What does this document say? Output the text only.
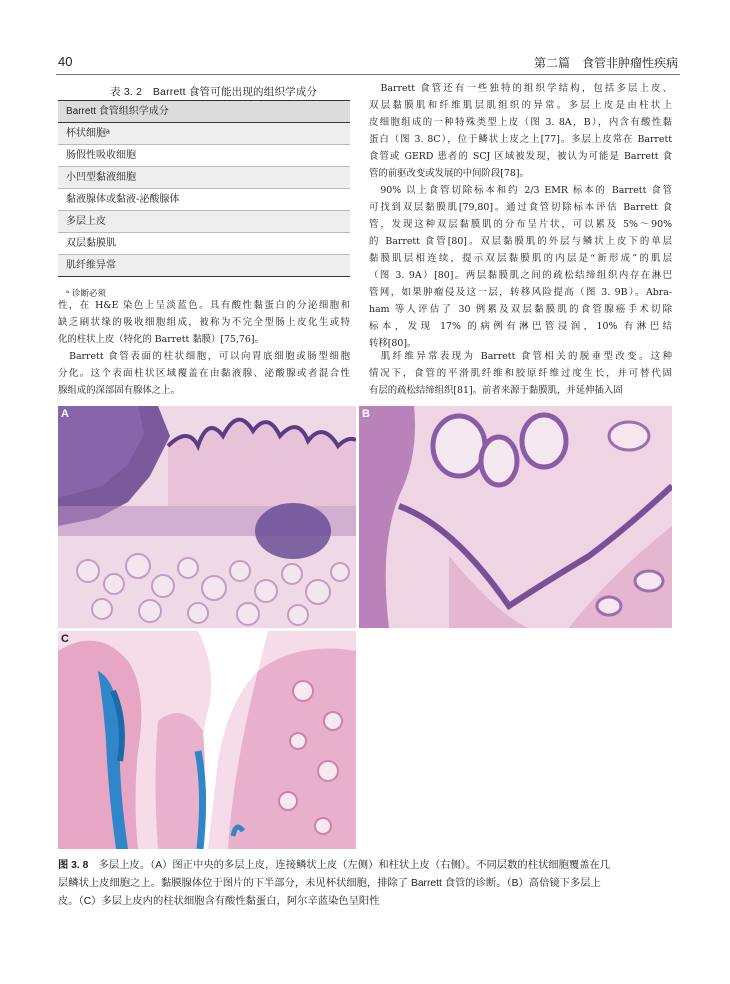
40	第二篇　食管非肿瘤性疾病
表 3. 2　Barrett 食管可能出现的组织学成分
Barrett 食管组织学成分
杯状细胞ᵃ
肠假性吸收细胞
小凹型黏液细胞
黏液腺体或黏液-泌酸腺体
多层上皮
双层黏膜肌
肌纤维异常
ᵃ 诊断必须
性，在 H&E 染色上呈淡蓝色。具有酸性黏蛋白的分泌细胞和
缺乏刷状缘的吸收细胞组成，被称为不完全型肠上皮化生或特
化的柱状上皮（特化的 Barrett 黏膜）[75,76]。
　Barrett 食管表面的柱状细胞，可以向胃底细胞或肠型细胞
分化。这个表面柱状区域覆盖在由黏液腺、泌酸腺或者混合性
腺组成的深部固有腺体之上。
　Barrett 食管还有一些独特的组织学结构，包括多层上皮、
双层黏膜肌和纤维肌层肌组织的异常。多层上皮是由柱状上
皮细胞组成的一种特殊类型上皮（图 3. 8A，B），内含有酸性黏
蛋白（图 3. 8C），位于鳞状上皮之上[77]。多层上皮常在 Barrett
食管或 GERD 患者的 SCJ 区域被发现，被认为可能是 Barrett 食
管的前驱改变或发展的中间阶段[78]。
　90% 以上食管切除标本和约 2/3 EMR 标本的 Barrett 食管
可找到双层黏膜肌[79,80]。通过食管切除标本评估 Barrett 食
管，发现这种双层黏膜肌的分布呈片状，可以累及 5%～90%
的 Barrett 食管[80]。双层黏膜肌的外层与鳞状上皮下的单层
黏膜肌层相连续，提示双层黏膜肌的内层是“新形成”的肌层
（图 3. 9A）[80]。两层黏膜肌之间的疏松结缔组织内存在淋巴
管网，如果肿瘤侵及这一层，转移风险提高（图 3. 9B）。Abra-
ham 等人评估了 30 例累及双层黏膜肌的食管腺癌手术切除
标本，发现 17% 的病例有淋巴管浸润，10% 有淋巴结
转移[80]。
　肌纤维异常表现为 Barrett 食管相关的脱垂型改变。这种
情况下，食管的平滑肌纤维和胶原纤维过度生长，并可替代固
有层的疏松结缔组织[81]。前者来源于黏膜肌，并延伸插入固
A	B
C
图 3. 8　多层上皮。（A）图正中央的多层上皮，连接鳞状上皮（左侧）和柱状上皮（右侧）。不同层数的柱状细胞覆盖在几
层鳞状上皮细胞之上。黏膜腺体位于图片的下半部分，未见杯状细胞，排除了 Barrett 食管的诊断。（B）高倍镜下多层上
皮。（C）多层上皮内的柱状细胞含有酸性黏蛋白，阿尔辛蓝染色呈阳性
